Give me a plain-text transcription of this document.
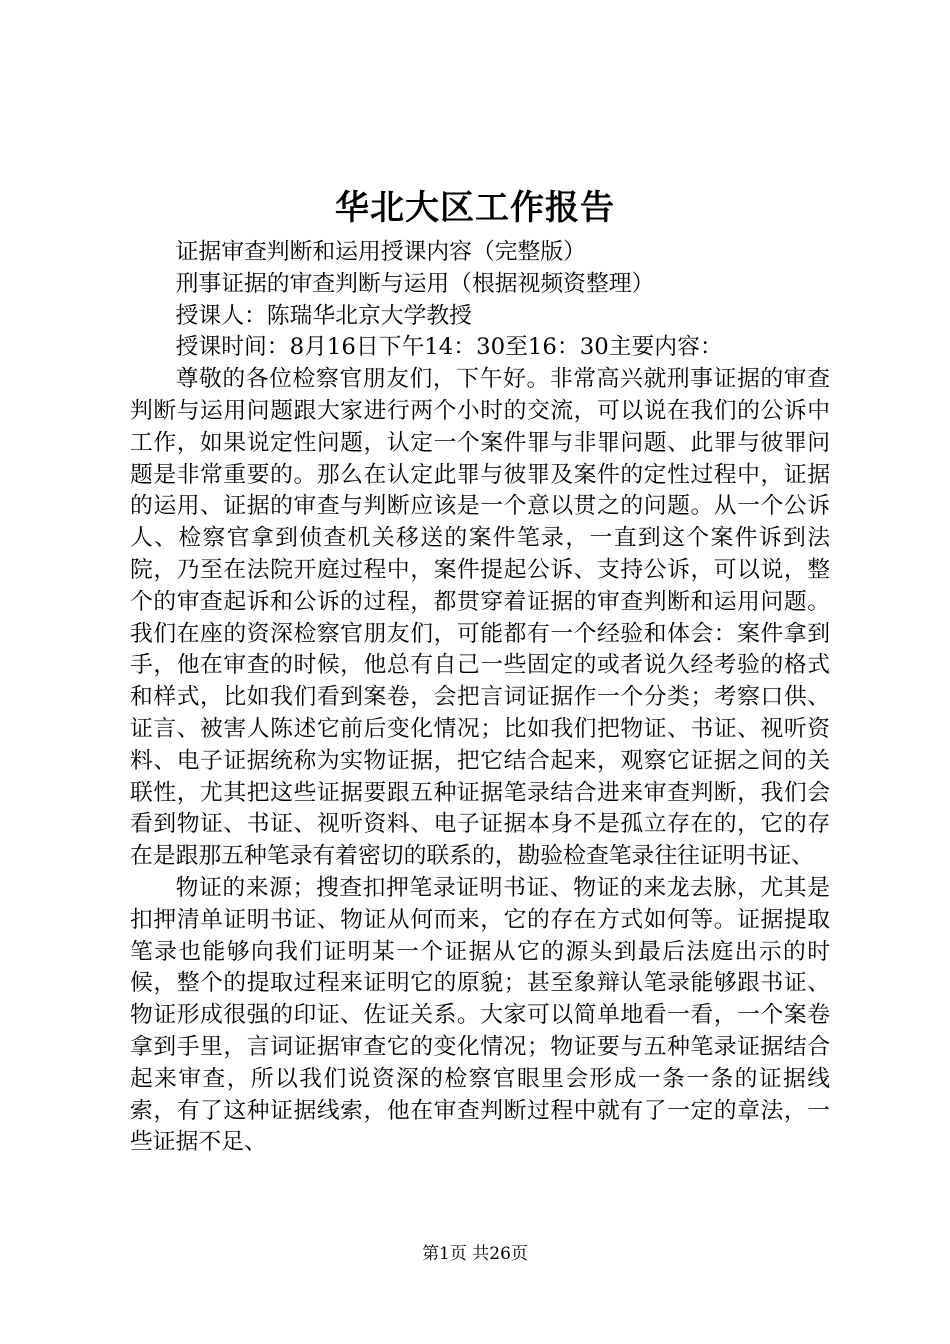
华北大区工作报告

证据审查判断和运用授课内容（完整版）

刑事证据的审查判断与运用（根据视频资整理）

授课人：陈瑞华北京大学教授

授课时间：8月16日下午14：30至16：30主要内容：

尊敬的各位检察官朋友们，下午好。非常高兴就刑事证据的审查判断与运用问题跟大家进行两个小时的交流，可以说在我们的公诉中工作，如果说定性问题，认定一个案件罪与非罪问题、此罪与彼罪问题是非常重要的。那么在认定此罪与彼罪及案件的定性过程中，证据的运用、证据的审查与判断应该是一个意以贯之的问题。从一个公诉人、检察官拿到侦查机关移送的案件笔录，一直到这个案件诉到法院，乃至在法院开庭过程中，案件提起公诉、支持公诉，可以说，整个的审查起诉和公诉的过程，都贯穿着证据的审查判断和运用问题。我们在座的资深检察官朋友们，可能都有一个经验和体会：案件拿到手，他在审查的时候，他总有自己一些固定的或者说久经考验的格式和样式，比如我们看到案卷，会把言词证据作一个分类；考察口供、证言、被害人陈述它前后变化情况；比如我们把物证、书证、视听资料、电子证据统称为实物证据，把它结合起来，观察它证据之间的关联性，尤其把这些证据要跟五种证据笔录结合进来审查判断，我们会看到物证、书证、视听资料、电子证据本身不是孤立存在的，它的存在是跟那五种笔录有着密切的联系的，勘验检查笔录往往证明书证、

物证的来源；搜查扣押笔录证明书证、物证的来龙去脉，尤其是扣押清单证明书证、物证从何而来，它的存在方式如何等。证据提取笔录也能够向我们证明某一个证据从它的源头到最后法庭出示的时候，整个的提取过程来证明它的原貌；甚至象辩认笔录能够跟书证、物证形成很强的印证、佐证关系。大家可以简单地看一看，一个案卷拿到手里，言词证据审查它的变化情况；物证要与五种笔录证据结合起来审查，所以我们说资深的检察官眼里会形成一条一条的证据线索，有了这种证据线索，他在审查判断过程中就有了一定的章法，一些证据不足、

第1页 共26页
